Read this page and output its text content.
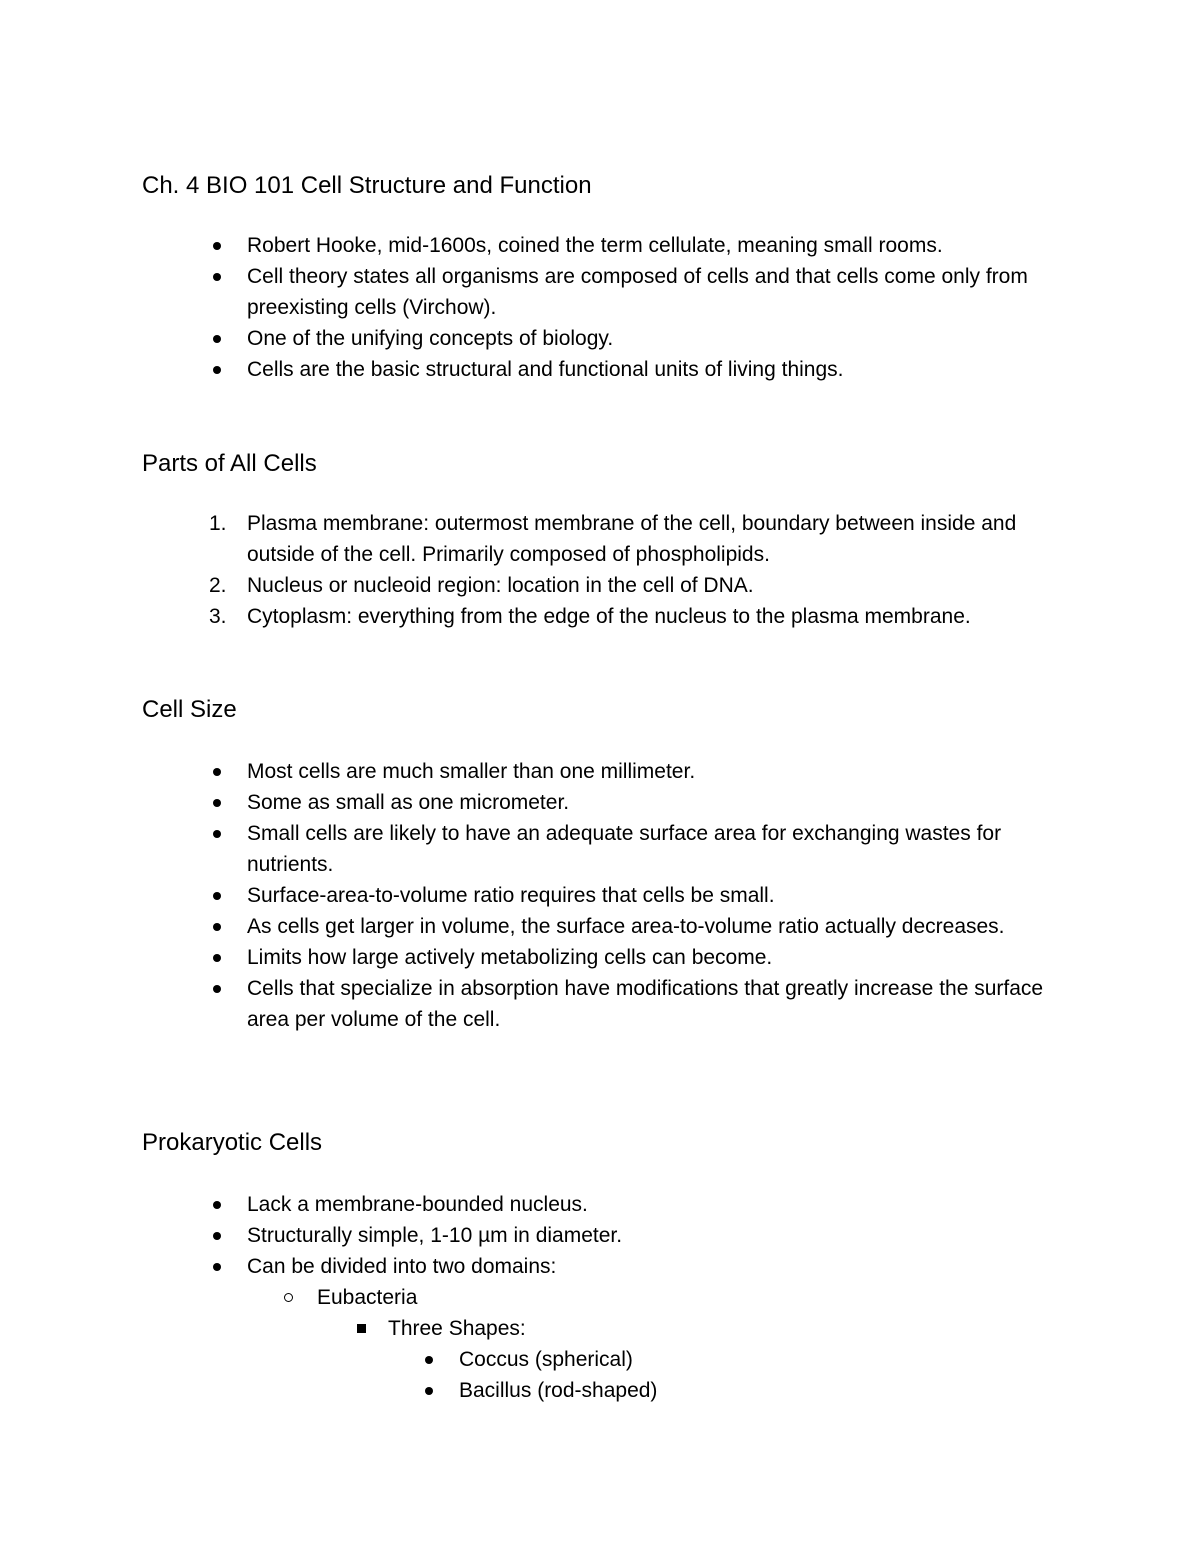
Ch. 4 BIO 101 Cell Structure and Function
Robert Hooke, mid-1600s, coined the term cellulate, meaning small rooms.
Cell theory states all organisms are composed of cells and that cells come only from preexisting cells (Virchow).
One of the unifying concepts of biology.
Cells are the basic structural and functional units of living things.
Parts of All Cells
1. Plasma membrane: outermost membrane of the cell, boundary between inside and outside of the cell. Primarily composed of phospholipids.
2. Nucleus or nucleoid region: location in the cell of DNA.
3. Cytoplasm: everything from the edge of the nucleus to the plasma membrane.
Cell Size
Most cells are much smaller than one millimeter.
Some as small as one micrometer.
Small cells are likely to have an adequate surface area for exchanging wastes for nutrients.
Surface-area-to-volume ratio requires that cells be small.
As cells get larger in volume, the surface area-to-volume ratio actually decreases.
Limits how large actively metabolizing cells can become.
Cells that specialize in absorption have modifications that greatly increase the surface area per volume of the cell.
Prokaryotic Cells
Lack a membrane-bounded nucleus.
Structurally simple, 1-10 µm in diameter.
Can be divided into two domains:
Eubacteria
Three Shapes:
Coccus (spherical)
Bacillus (rod-shaped)
